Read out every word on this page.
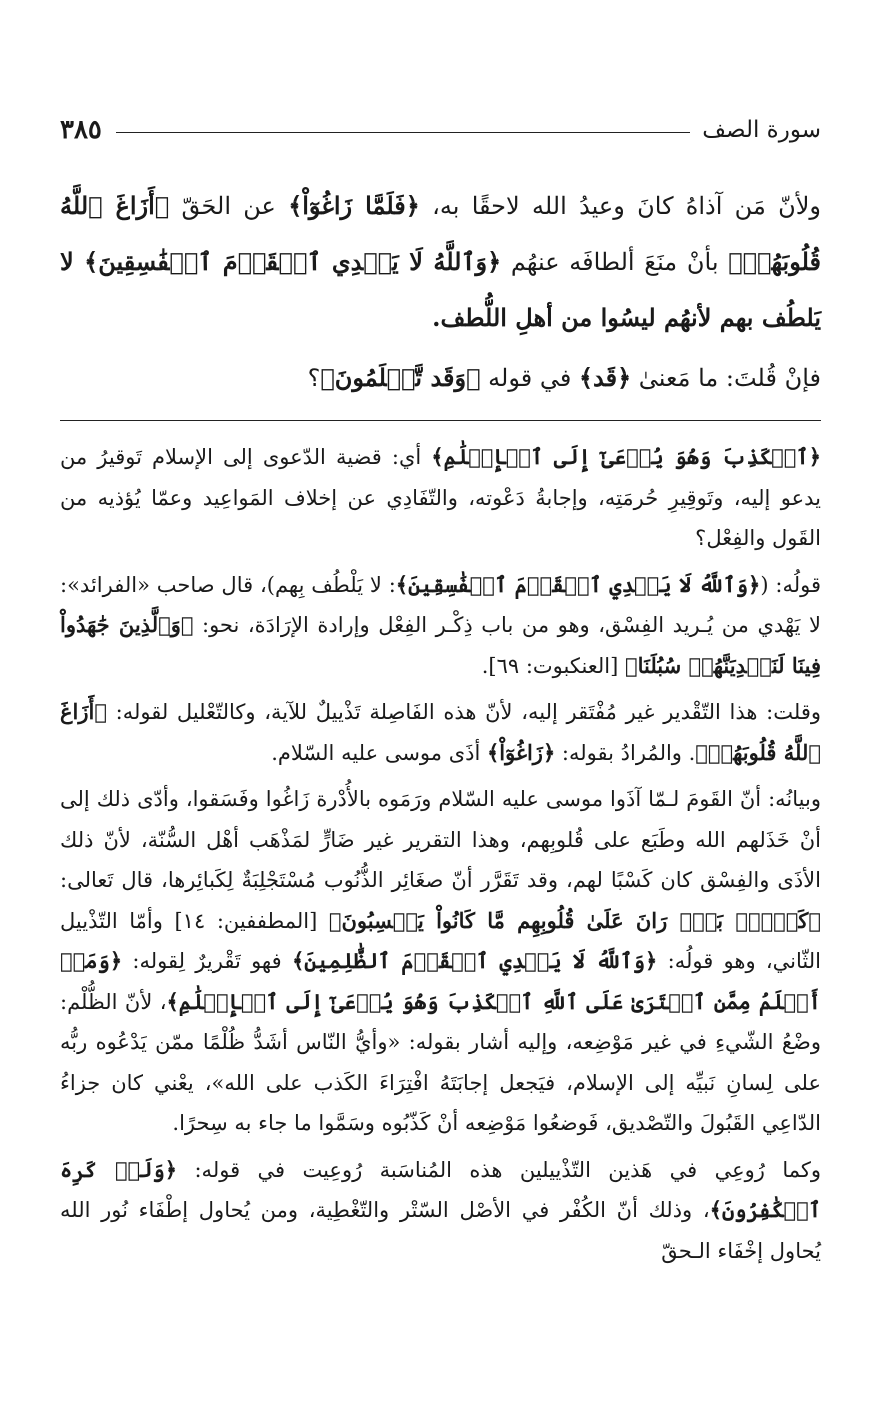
سورة الصف
٣٨٥

ولأنّ مَن آذاهُ كانَ وعيدُ الله لاحقًا به، ﴿فَلَمَّا زَاغُوٓاْ﴾ عن الحَقّ ﴿أَزَاغَ ٱللَّهُ قُلُوبَهُمۡ﴾ بأنْ منَعَ ألطافَه عنهُم ﴿وَٱللَّهُ لَا يَهۡدِي ٱلۡقَوۡمَ ٱلۡفَٰسِقِينَ﴾ لا يَلطُف بهم لأنهُم ليسُوا من أهلِ اللُّطف.

فإنْ قُلتَ: ما مَعنىٰ ﴿قَد﴾ في قوله ﴿وَقَد تَّعۡلَمُونَ﴾؟

﴿ٱلۡكَذِبَ وَهُوَ يُدۡعَىٰٓ إِلَى ٱلۡإِسۡلَٰمِ﴾ أي: قضية الدّعوى إلى الإسلام تَوقيرُ من يدعو إليه، وتَوقِيرِ حُرمَتِه، وإجابةُ دَعْوته، والتّفَادِي عن إخلاف المَواعِيد وعمّا يُؤذيه من القَول والفِعْل؟

قولُه: (﴿وَٱللَّهُ لَا يَهۡدِي ٱلۡقَوۡمَ ٱلۡفَٰسِقِينَ﴾: لا يَلْطُف بِهم)، قال صاحب «الفرائد»: لا يَهْدي من يُـريد الفِسْق، وهو من باب ذِكْـر الفِعْل وإرادة الإرَادَة، نحو: ﴿وَٱلَّذِينَ جَٰهَدُواْ فِينَا لَنَهۡدِيَنَّهُمۡ سُبُلَنَا﴾ [العنكبوت: ٦٩].

وقلت: هذا التّقْدير غير مُفْتَقر إليه، لأنّ هذه الفَاصِلة تَذْييلٌ للآية، وكالتّعْليل لقوله: ﴿أَزَاغَ ٱللَّهُ قُلُوبَهُمۡ﴾. والمُرادُ بقوله: ﴿زَاغُوٓاْ﴾ أذَى موسى عليه السّلام.

وبيانُه: أنّ القَومَ لـمّا آذَوا موسى عليه السّلام ورَمَوه بالأُدْرة زَاغُوا وفَسَقوا، وأدّى ذلك إلى أنْ خَذَلهم الله وطَبَع على قُلوبِهم، وهذا التقرير غير ضَارٍّ لمَذْهَب أهْل السُّنّة، لأنّ ذلك الأذَى والفِسْق كان كَسْبًا لهم، وقد تَقَرَّر أنّ صغَائِر الذُّنُوب مُسْتَجْلِبَةٌ لِكَبائِرها، قال تَعالى: ﴿كَلَّاۖ بَلۡۜ رَانَ عَلَىٰ قُلُوبِهِم مَّا كَانُواْ يَكۡسِبُونَ﴾ [المطففين: ١٤] وأمّا التّذْييل الثّاني، وهو قولُه: ﴿وَٱللَّهُ لَا يَهۡدِي ٱلۡقَوۡمَ ٱلظَّٰلِمِينَ﴾ فهو تَقْريرٌ لِقوله: ﴿وَمَنۡ أَظۡلَمُ مِمَّنِ ٱفۡتَرَىٰ عَلَى ٱللَّهِ ٱلۡكَذِبَ وَهُوَ يُدۡعَىٰٓ إِلَى ٱلۡإِسۡلَٰمِ﴾، لأنّ الظُّلْم: وضْعُ الشّيءِ في غير مَوْضِعه، وإليه أشار بقوله: «وأيُّ النّاس أشَدُّ ظُلْمًا ممّن يَدْعُوه ربُّه على لِسانِ نَبيِّه إلى الإسلام، فيَجعل إجابَتَهُ افْتِرَاءَ الكَذب على الله»، يعْني كان جزاءُ الدّاعِي القَبُولَ والتّصْديق، فَوضعُوا مَوْضِعه أنْ كَذّبُوه وسَمَّوا ما جاء به سِحرًا.

وكما رُوعِي في هَذين التّذْييلين هذه المُناسَبة رُوعِيت في قوله: ﴿وَلَوۡ كَرِهَ ٱلۡكَٰفِرُونَ﴾، وذلك أنّ الكُفْر في الأصْل السّتْر والتّغْطِية، ومن يُحاول إطْفَاء نُور الله يُحاول إخْفَاء الـحقّ
